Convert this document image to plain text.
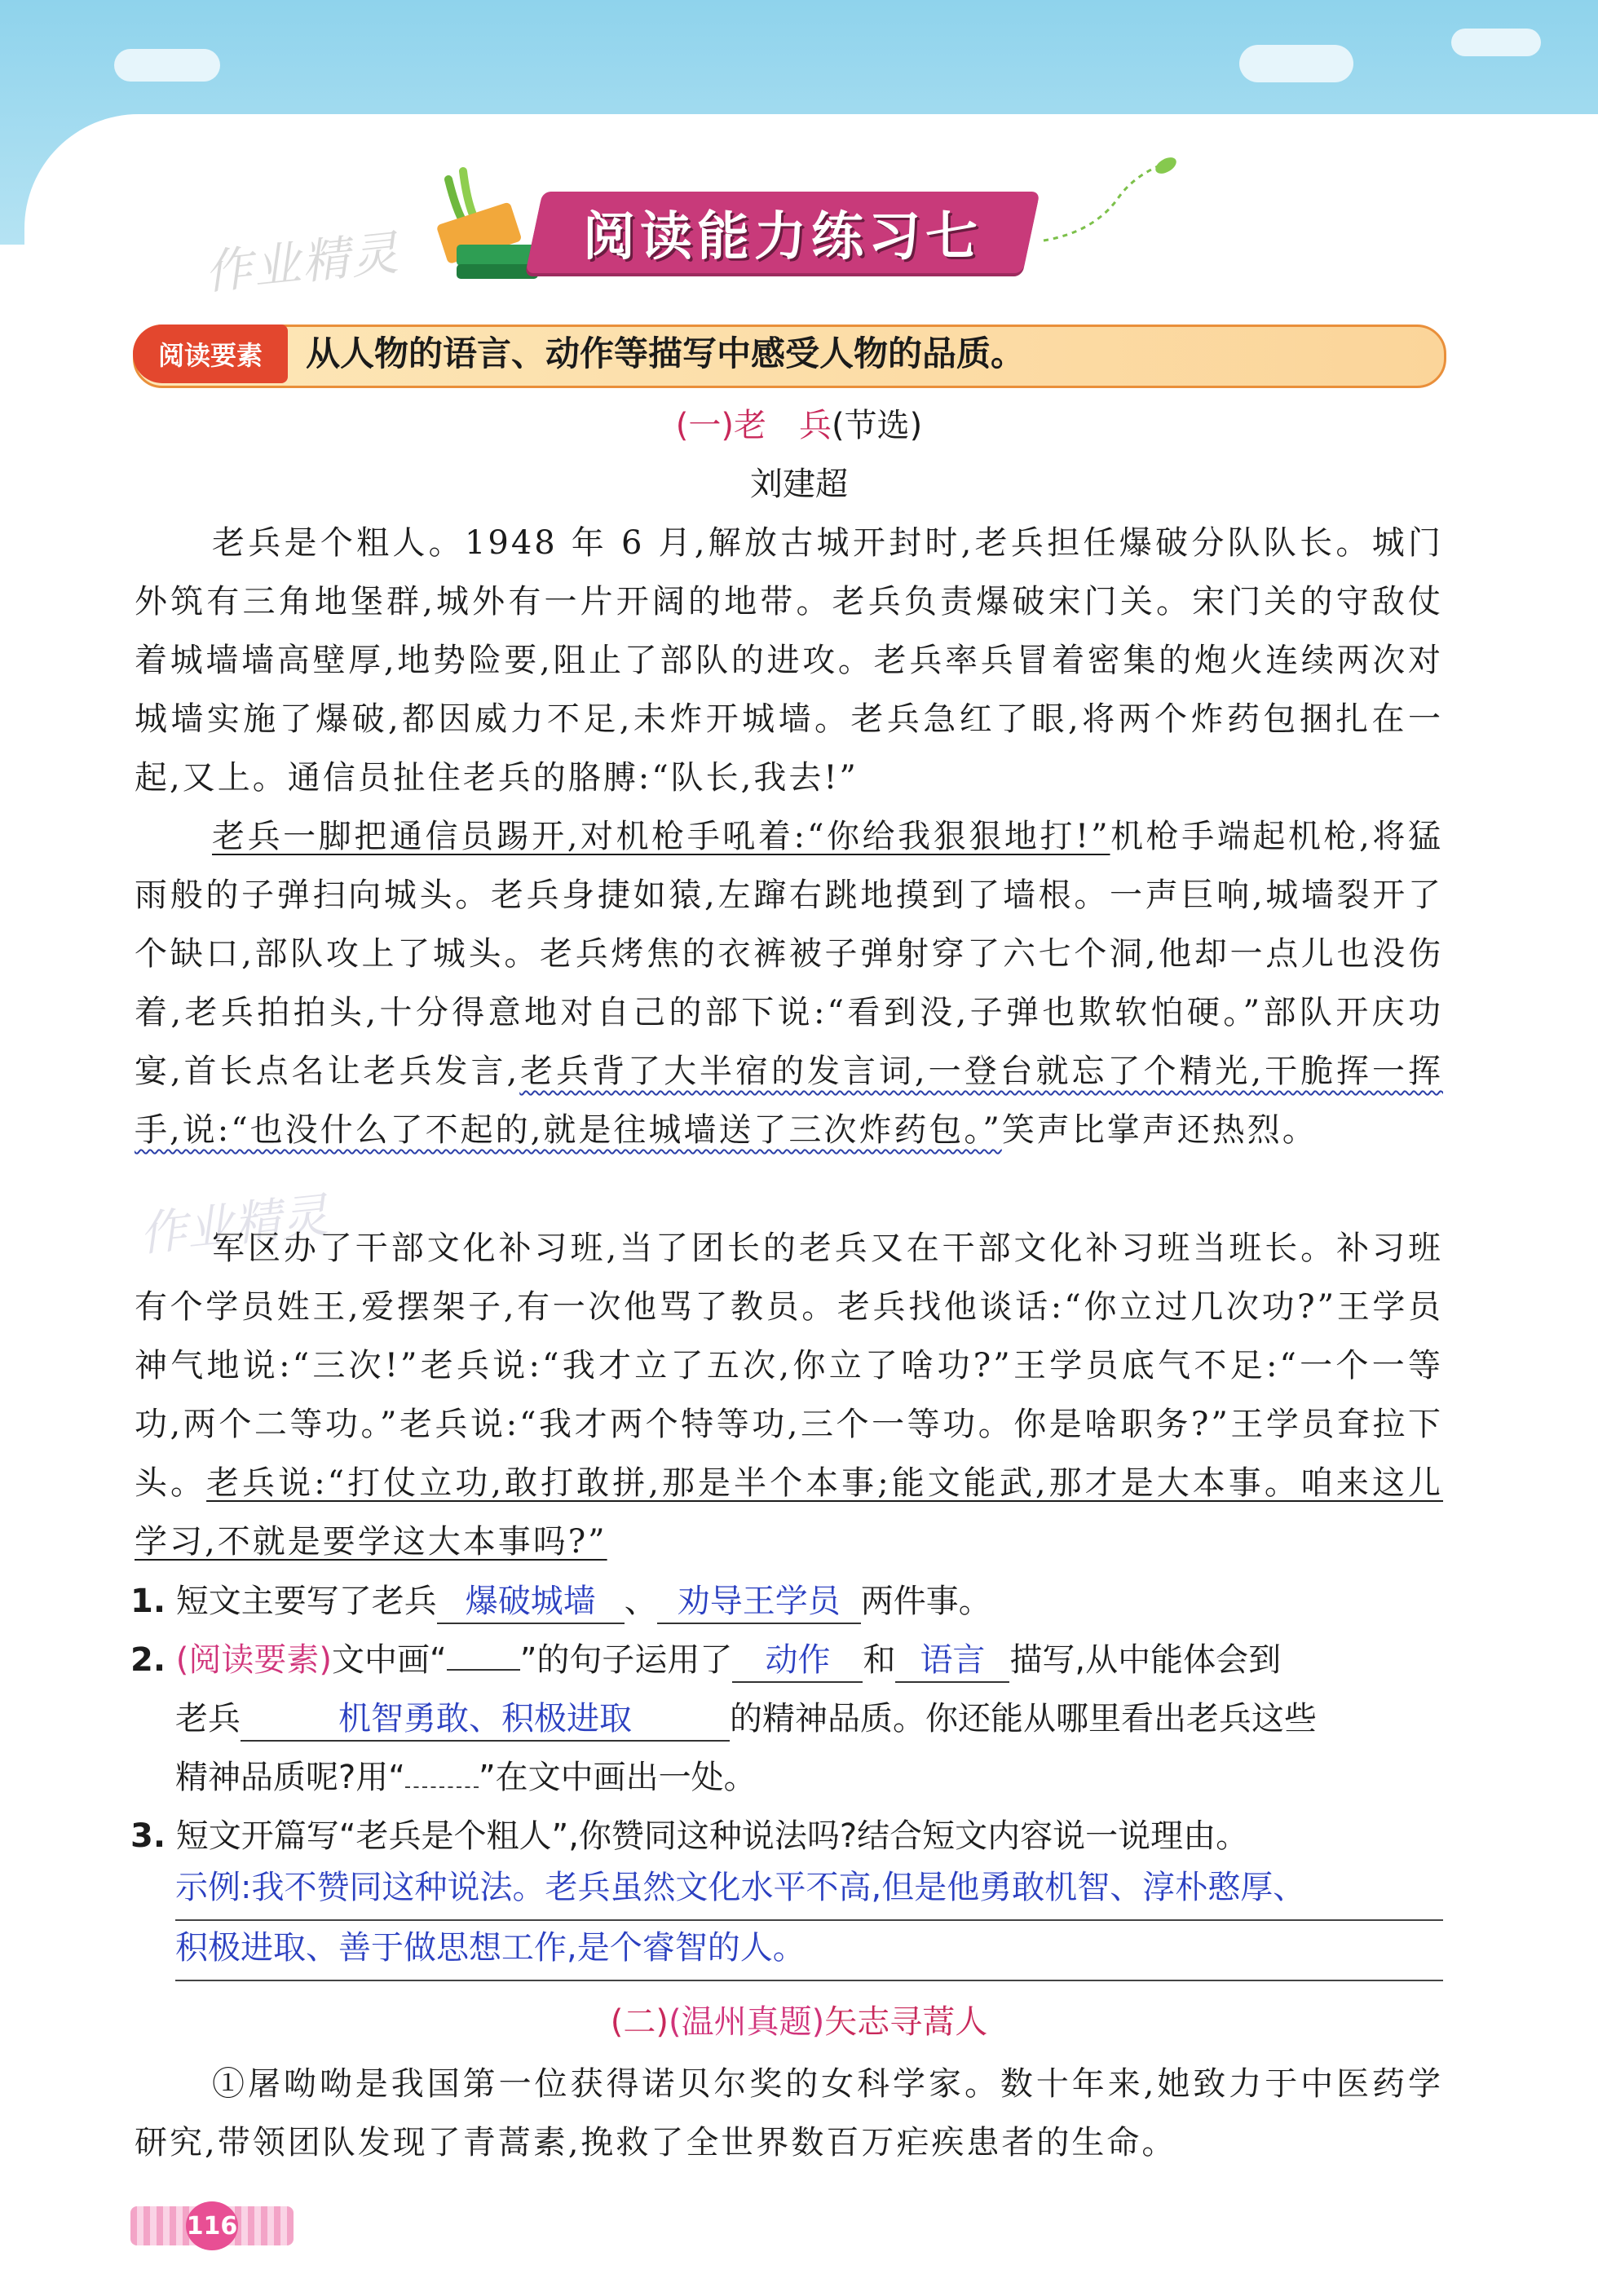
作业精灵	阅读能力练习七
阅读要素	从人物的语言、动作等描写中感受人物的品质。
(一)老　兵(节选)
刘建超
老兵是个粗人。1948 年 6 月,解放古城开封时,老兵担任爆破分队队长。城门外筑有三角地堡群,城外有一片开阔的地带。老兵负责爆破宋门关。宋门关的守敌仗着城墙墙高壁厚,地势险要,阻止了部队的进攻。老兵率兵冒着密集的炮火连续两次对城墙实施了爆破,都因威力不足,未炸开城墙。老兵急红了眼,将两个炸药包捆扎在一起,又上。通信员扯住老兵的胳膊:“队长,我去!”
老兵一脚把通信员踢开,对机枪手吼着:“你给我狠狠地打!”机枪手端起机枪,将猛雨般的子弹扫向城头。老兵身捷如猿,左蹿右跳地摸到了墙根。一声巨响,城墙裂开了个缺口,部队攻上了城头。老兵烤焦的衣裤被子弹射穿了六七个洞,他却一点儿也没伤着,老兵拍拍头,十分得意地对自己的部下说:“看到没,子弹也欺软怕硬。”部队开庆功宴,首长点名让老兵发言,老兵背了大半宿的发言词,一登台就忘了个精光,干脆挥一挥手,说:“也没什么了不起的,就是往城墙送了三次炸药包。”笑声比掌声还热烈。
作业精灵
军区办了干部文化补习班,当了团长的老兵又在干部文化补习班当班长。补习班有个学员姓王,爱摆架子,有一次他骂了教员。老兵找他谈话:“你立过几次功?”王学员神气地说:“三次!”老兵说:“我才立了五次,你立了啥功?”王学员底气不足:“一个一等功,两个二等功。”老兵说:“我才两个特等功,三个一等功。你是啥职务?”王学员耷拉下头。老兵说:“打仗立功,敢打敢拼,那是半个本事;能文能武,那才是大本事。咱来这儿学习,不就是要学这大本事吗?”
1. 短文主要写了老兵 爆破城墙 、 劝导王学员 两件事。
2. (阅读要素)文中画“ ”的句子运用了 动作 和 语言 描写,从中能体会到
老兵	机智勇敢、积极进取	的精神品质。你还能从哪里看出老兵这些
精神品质呢?用“ ”在文中画出一处。
3. 短文开篇写“老兵是个粗人”,你赞同这种说法吗?结合短文内容说一说理由。
示例:我不赞同这种说法。老兵虽然文化水平不高,但是他勇敢机智、淳朴憨厚、
积极进取、善于做思想工作,是个睿智的人。
(二)(温州真题)矢志寻蒿人
①屠呦呦是我国第一位获得诺贝尔奖的女科学家。数十年来,她致力于中医药学研究,带领团队发现了青蒿素,挽救了全世界数百万疟疾患者的生命。
116
